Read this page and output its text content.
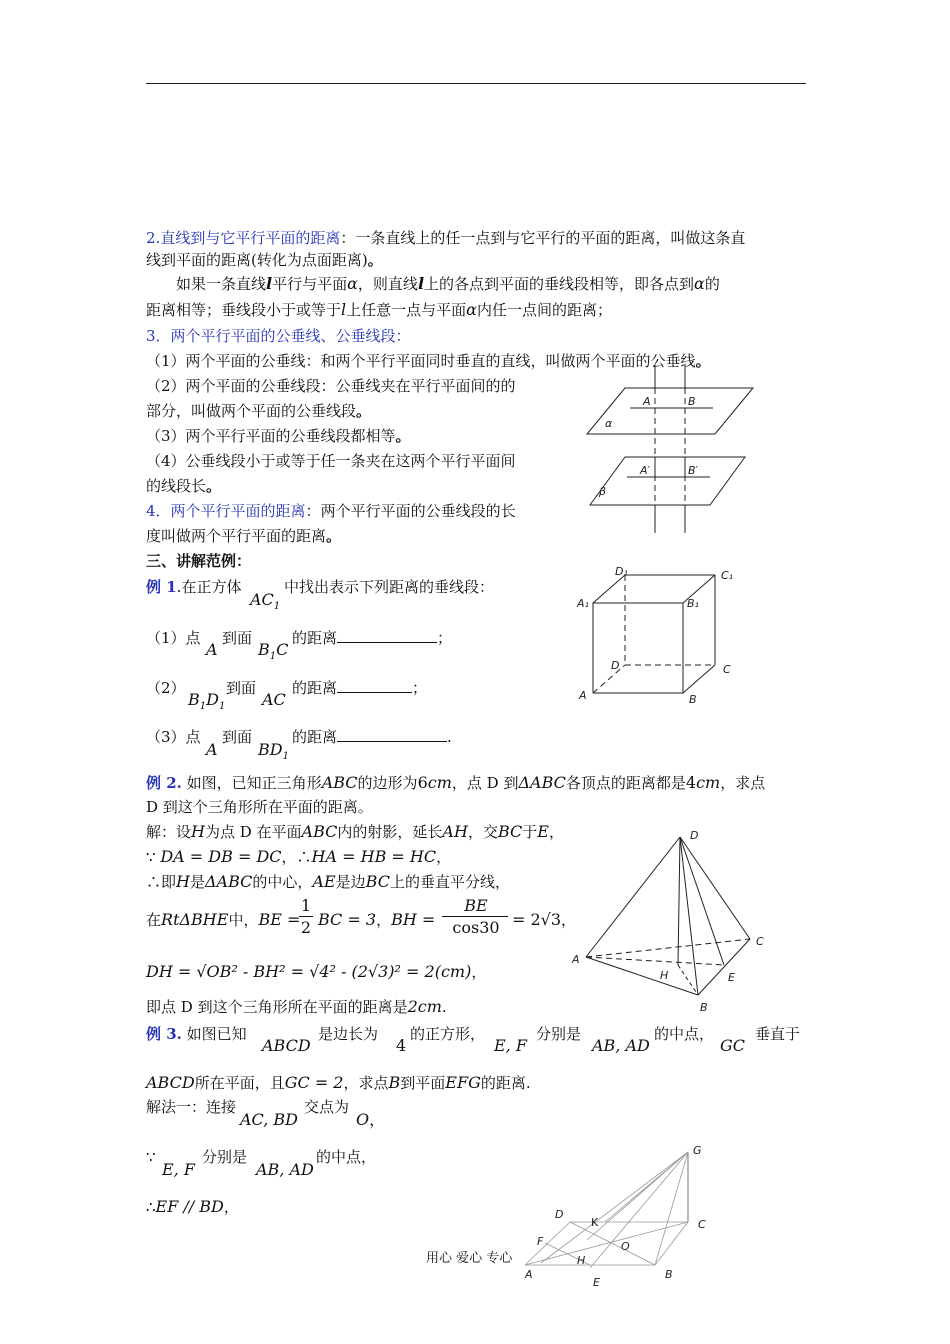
2.直线到与它平行平面的距离：一条直线上的任一点到与它平行的平面的距离，叫做这条直
线到平面的距离(转化为点面距离)。
如果一条直线l平行与平面α，则直线l上的各点到平面的垂线段相等，即各点到α的
距离相等；垂线段小于或等于l上任意一点与平面α内任一点间的距离；
3．两个平行平面的公垂线、公垂线段：
（1）两个平面的公垂线：和两个平行平面同时垂直的直线，叫做两个平面的公垂线。
（2）两个平面的公垂线段：公垂线夹在平行平面间的的
部分，叫做两个平面的公垂线段。
（3）两个平行平面的公垂线段都相等。
（4）公垂线段小于或等于任一条夹在这两个平行平面间
的线段长。
4．两个平行平面的距离：两个平行平面的公垂线段的长
度叫做两个平行平面的距离。
三、讲解范例：
例 1.在正方体
$AC_1$
中找出表示下列距离的垂线段：
（1）点
A
到面
$B_1C$
的距离	；
（2）
$B_1D_1$
到面
AC
的距离	；
（3）点
A
到面
$BD_1$
的距离	.
例 2. 如图，已知正三角形ABC的边形为6cm，点 D 到ΔABC各顶点的距离都是4cm，求点
D 到这个三角形所在平面的距离。
解：设H为点 D 在平面ABC内的射影，延长AH，交BC于E，
∵ DA = DB = DC，∴HA = HB = HC，
∴即H是ΔABC的中心，AE是边BC上的垂直平分线，
在RtΔBHE中，BE =
1
2 BC = 3，BH =
BE
cos30 = 2√3，
DH = √OB² - BH² = √4² - (2√3)² = 2(cm)，
即点 D 到这个三角形所在平面的距离是2cm.
例 3. 如图已知
ABCD
是边长为
4
的正方形，
E, F
分别是
AB, AD
的中点，
GC
垂直于
ABCD所在平面，且GC = 2，求点B到平面EFG的距离.
解法一：连接
AC, BD
交点为
O，
∵
E, F
分别是
AB, AD
的中点，
∴EF // BD，
A	B
A′	B′
α
β
A	B
C
D
A₁	B₁
C₁
D₁
A
B
C
D
E
H
G
D
K	C
F	O
H
A	B
E
用心 爱心 专心
